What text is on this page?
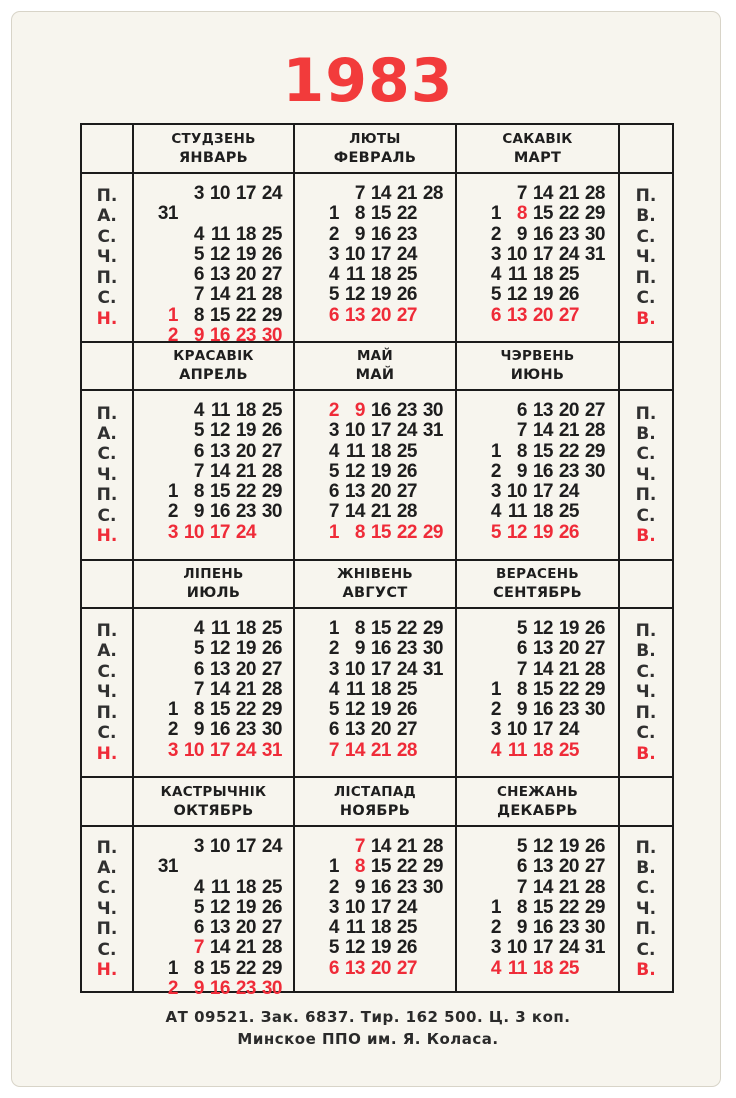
1983
СТУДЗЕНЬ
ЯНВАРЬ
ЛЮТЫ
ФЕВРАЛЬ
САКАВІК
МАРТ
П.
А.
С.
Ч.
П.
С.
Н.
3 10 17 24
31
4 11 18 25
5 12 19 26
6 13 20 27
7 14 21 28
1 8 15 22 29
2 9 16 23 30
7 14 21 28
1 8 15 22
2 9 16 23
3 10 17 24
4 11 18 25
5 12 19 26
6 13 20 27
7 14 21 28
1 8 15 22 29
2 9 16 23 30
3 10 17 24 31
4 11 18 25
5 12 19 26
6 13 20 27
П.
В.
С.
Ч.
П.
С.
В.
КРАСАВІК
АПРЕЛЬ
МАЙ
МАЙ
ЧЭРВЕНЬ
ИЮНЬ
П.
А.
С.
Ч.
П.
С.
Н.
4 11 18 25
5 12 19 26
6 13 20 27
7 14 21 28
1 8 15 22 29
2 9 16 23 30
3 10 17 24
2 9 16 23 30
3 10 17 24 31
4 11 18 25
5 12 19 26
6 13 20 27
7 14 21 28
1 8 15 22 29
6 13 20 27
7 14 21 28
1 8 15 22 29
2 9 16 23 30
3 10 17 24
4 11 18 25
5 12 19 26
П.
В.
С.
Ч.
П.
С.
В.
ЛІПЕНЬ
ИЮЛЬ
ЖНІВЕНЬ
АВГУСТ
ВЕРАСЕНЬ
СЕНТЯБРЬ
П.
А.
С.
Ч.
П.
С.
Н.
4 11 18 25
5 12 19 26
6 13 20 27
7 14 21 28
1 8 15 22 29
2 9 16 23 30
3 10 17 24 31
1 8 15 22 29
2 9 16 23 30
3 10 17 24 31
4 11 18 25
5 12 19 26
6 13 20 27
7 14 21 28
5 12 19 26
6 13 20 27
7 14 21 28
1 8 15 22 29
2 9 16 23 30
3 10 17 24
4 11 18 25
П.
В.
С.
Ч.
П.
С.
В.
КАСТРЫЧНІК
ОКТЯБРЬ
ЛІСТАПАД
НОЯБРЬ
СНЕЖАНЬ
ДЕКАБРЬ
П.
А.
С.
Ч.
П.
С.
Н.
3 10 17 24
31
4 11 18 25
5 12 19 26
6 13 20 27
7 14 21 28
1 8 15 22 29
2 9 16 23 30
7 14 21 28
1 8 15 22 29
2 9 16 23 30
3 10 17 24
4 11 18 25
5 12 19 26
6 13 20 27
5 12 19 26
6 13 20 27
7 14 21 28
1 8 15 22 29
2 9 16 23 30
3 10 17 24 31
4 11 18 25
П.
В.
С.
Ч.
П.
С.
В.
АТ 09521. Зак. 6837. Тир. 162 500. Ц. 3 коп.
Минское ППО им. Я. Коласа.
